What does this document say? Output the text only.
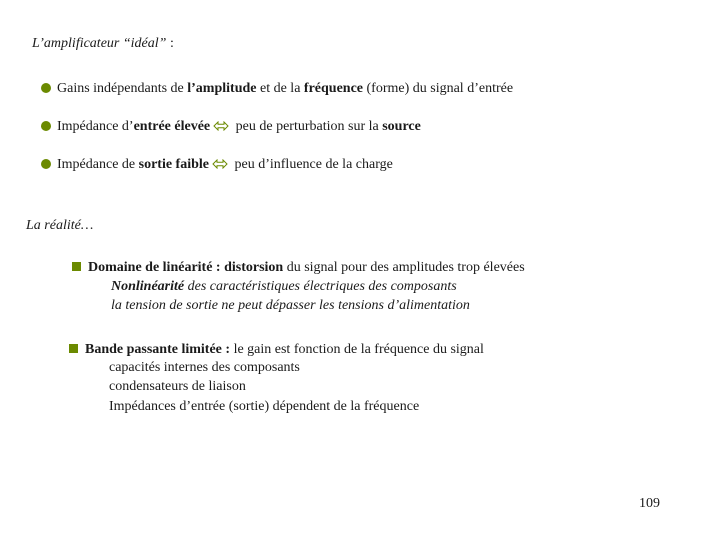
L’amplificateur “idéal” :
Gains indépendants de l’amplitude et de la fréquence (forme) du signal d’entrée
Impédance d’entrée élevée peu de perturbation sur la source
Impédance de sortie faible peu d’influence de la charge
La réalité…
Domaine de linéarité : distorsion du signal pour des amplitudes trop élevées
Nonlinéarité des caractéristiques électriques des composants
la tension de sortie ne peut dépasser les tensions d’alimentation
Bande passante limitée : le gain est fonction de la fréquence du signal
capacités internes des composants
condensateurs de liaison
Impédances d’entrée (sortie) dépendent de la fréquence
109
